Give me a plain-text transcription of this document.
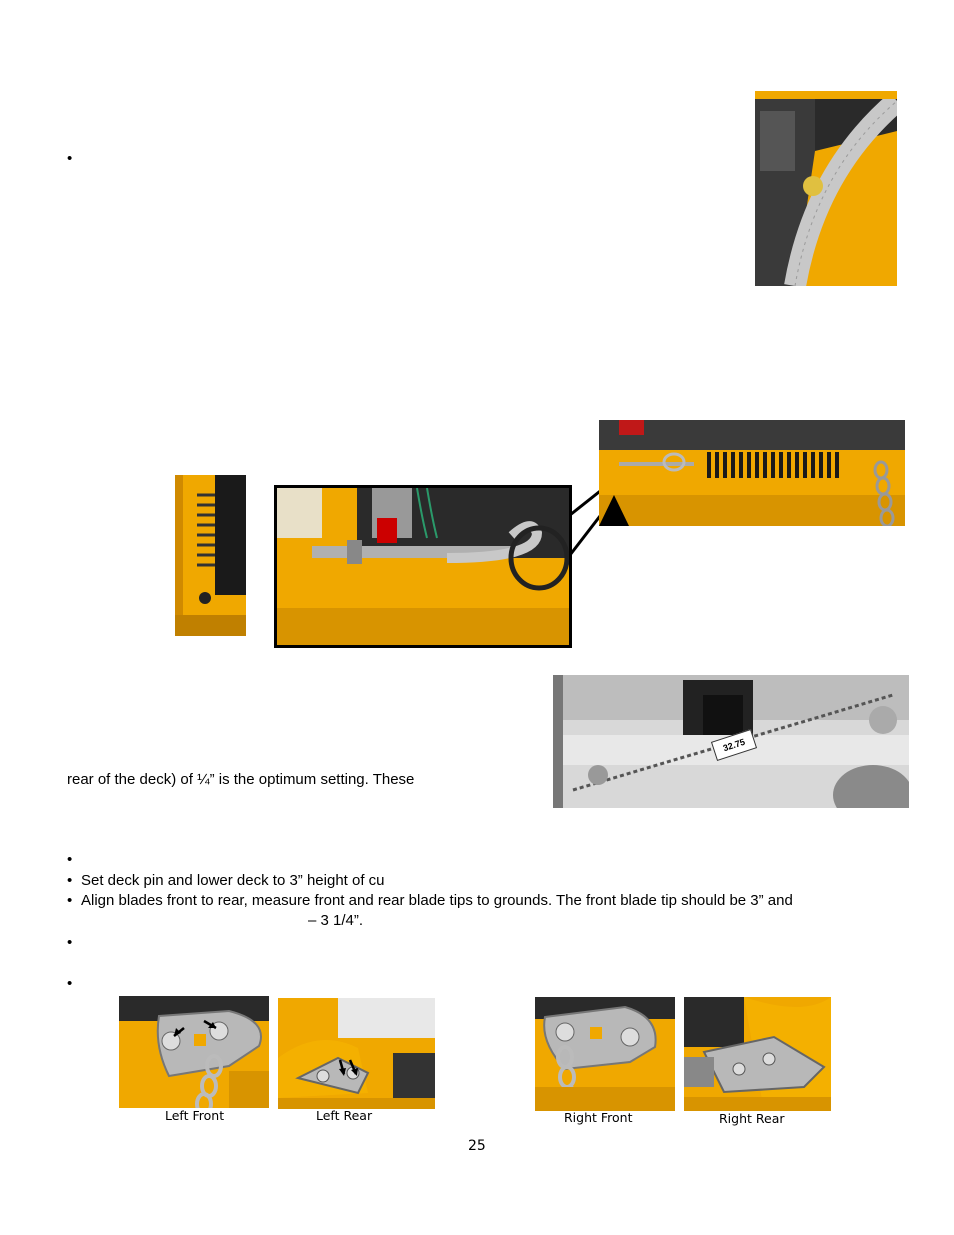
•
32.75
rear of the deck) of ¼” is the optimum setting. These
•
• Set deck pin and lower deck to 3” height of cu
• Align blades front to rear, measure front and rear blade tips to grounds. The front blade tip should be 3” and
– 3 1/4”.
•
•
Left Front	Left Rear	Right Front	Right Rear
25
